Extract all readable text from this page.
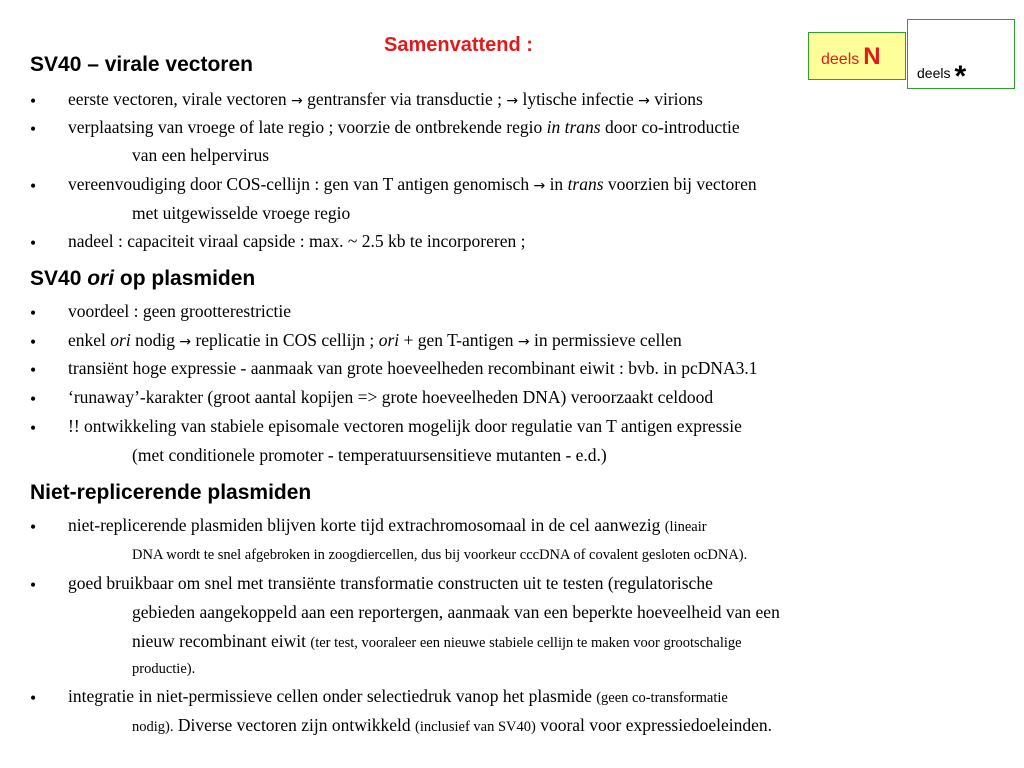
Samenvattend :
deels N
deels *
SV40 – virale vectoren
• eerste vectoren, virale vectoren → gentransfer via transductie ; → lytische infectie → virions
• verplaatsing van vroege of late regio ; voorzie de ontbrekende regio in trans door co-introductie
van een helpervirus
• vereenvoudiging door COS-cellijn : gen van T antigen genomisch → in trans voorzien bij vectoren
met uitgewisselde vroege regio
• nadeel : capaciteit viraal capside : max. ~ 2.5 kb te incorporeren ;
SV40 ori op plasmiden
• voordeel : geen grootterestrictie
• enkel ori nodig → replicatie in COS cellijn ; ori + gen T-antigen → in permissieve cellen
• transiënt hoge expressie - aanmaak van grote hoeveelheden recombinant eiwit : bvb. in pcDNA3.1
• ‘runaway’-karakter (groot aantal kopijen => grote hoeveelheden DNA) veroorzaakt celdood
• !! ontwikkeling van stabiele episomale vectoren mogelijk door regulatie van T antigen expressie
(met conditionele promoter - temperatuursensitieve mutanten - e.d.)
Niet-replicerende plasmiden
• niet-replicerende plasmiden blijven korte tijd extrachromosomaal in de cel aanwezig (lineair
DNA wordt te snel afgebroken in zoogdiercellen, dus bij voorkeur cccDNA of covalent gesloten ocDNA).
• goed bruikbaar om snel met transiënte transformatie constructen uit te testen (regulatorische
gebieden aangekoppeld aan een reportergen, aanmaak van een beperkte hoeveelheid van een
nieuw recombinant eiwit (ter test, vooraleer een nieuwe stabiele cellijn te maken voor grootschalige
productie).
• integratie in niet-permissieve cellen onder selectiedruk vanop het plasmide (geen co-transformatie
nodig). Diverse vectoren zijn ontwikkeld (inclusief van SV40) vooral voor expressiedoeleinden.
